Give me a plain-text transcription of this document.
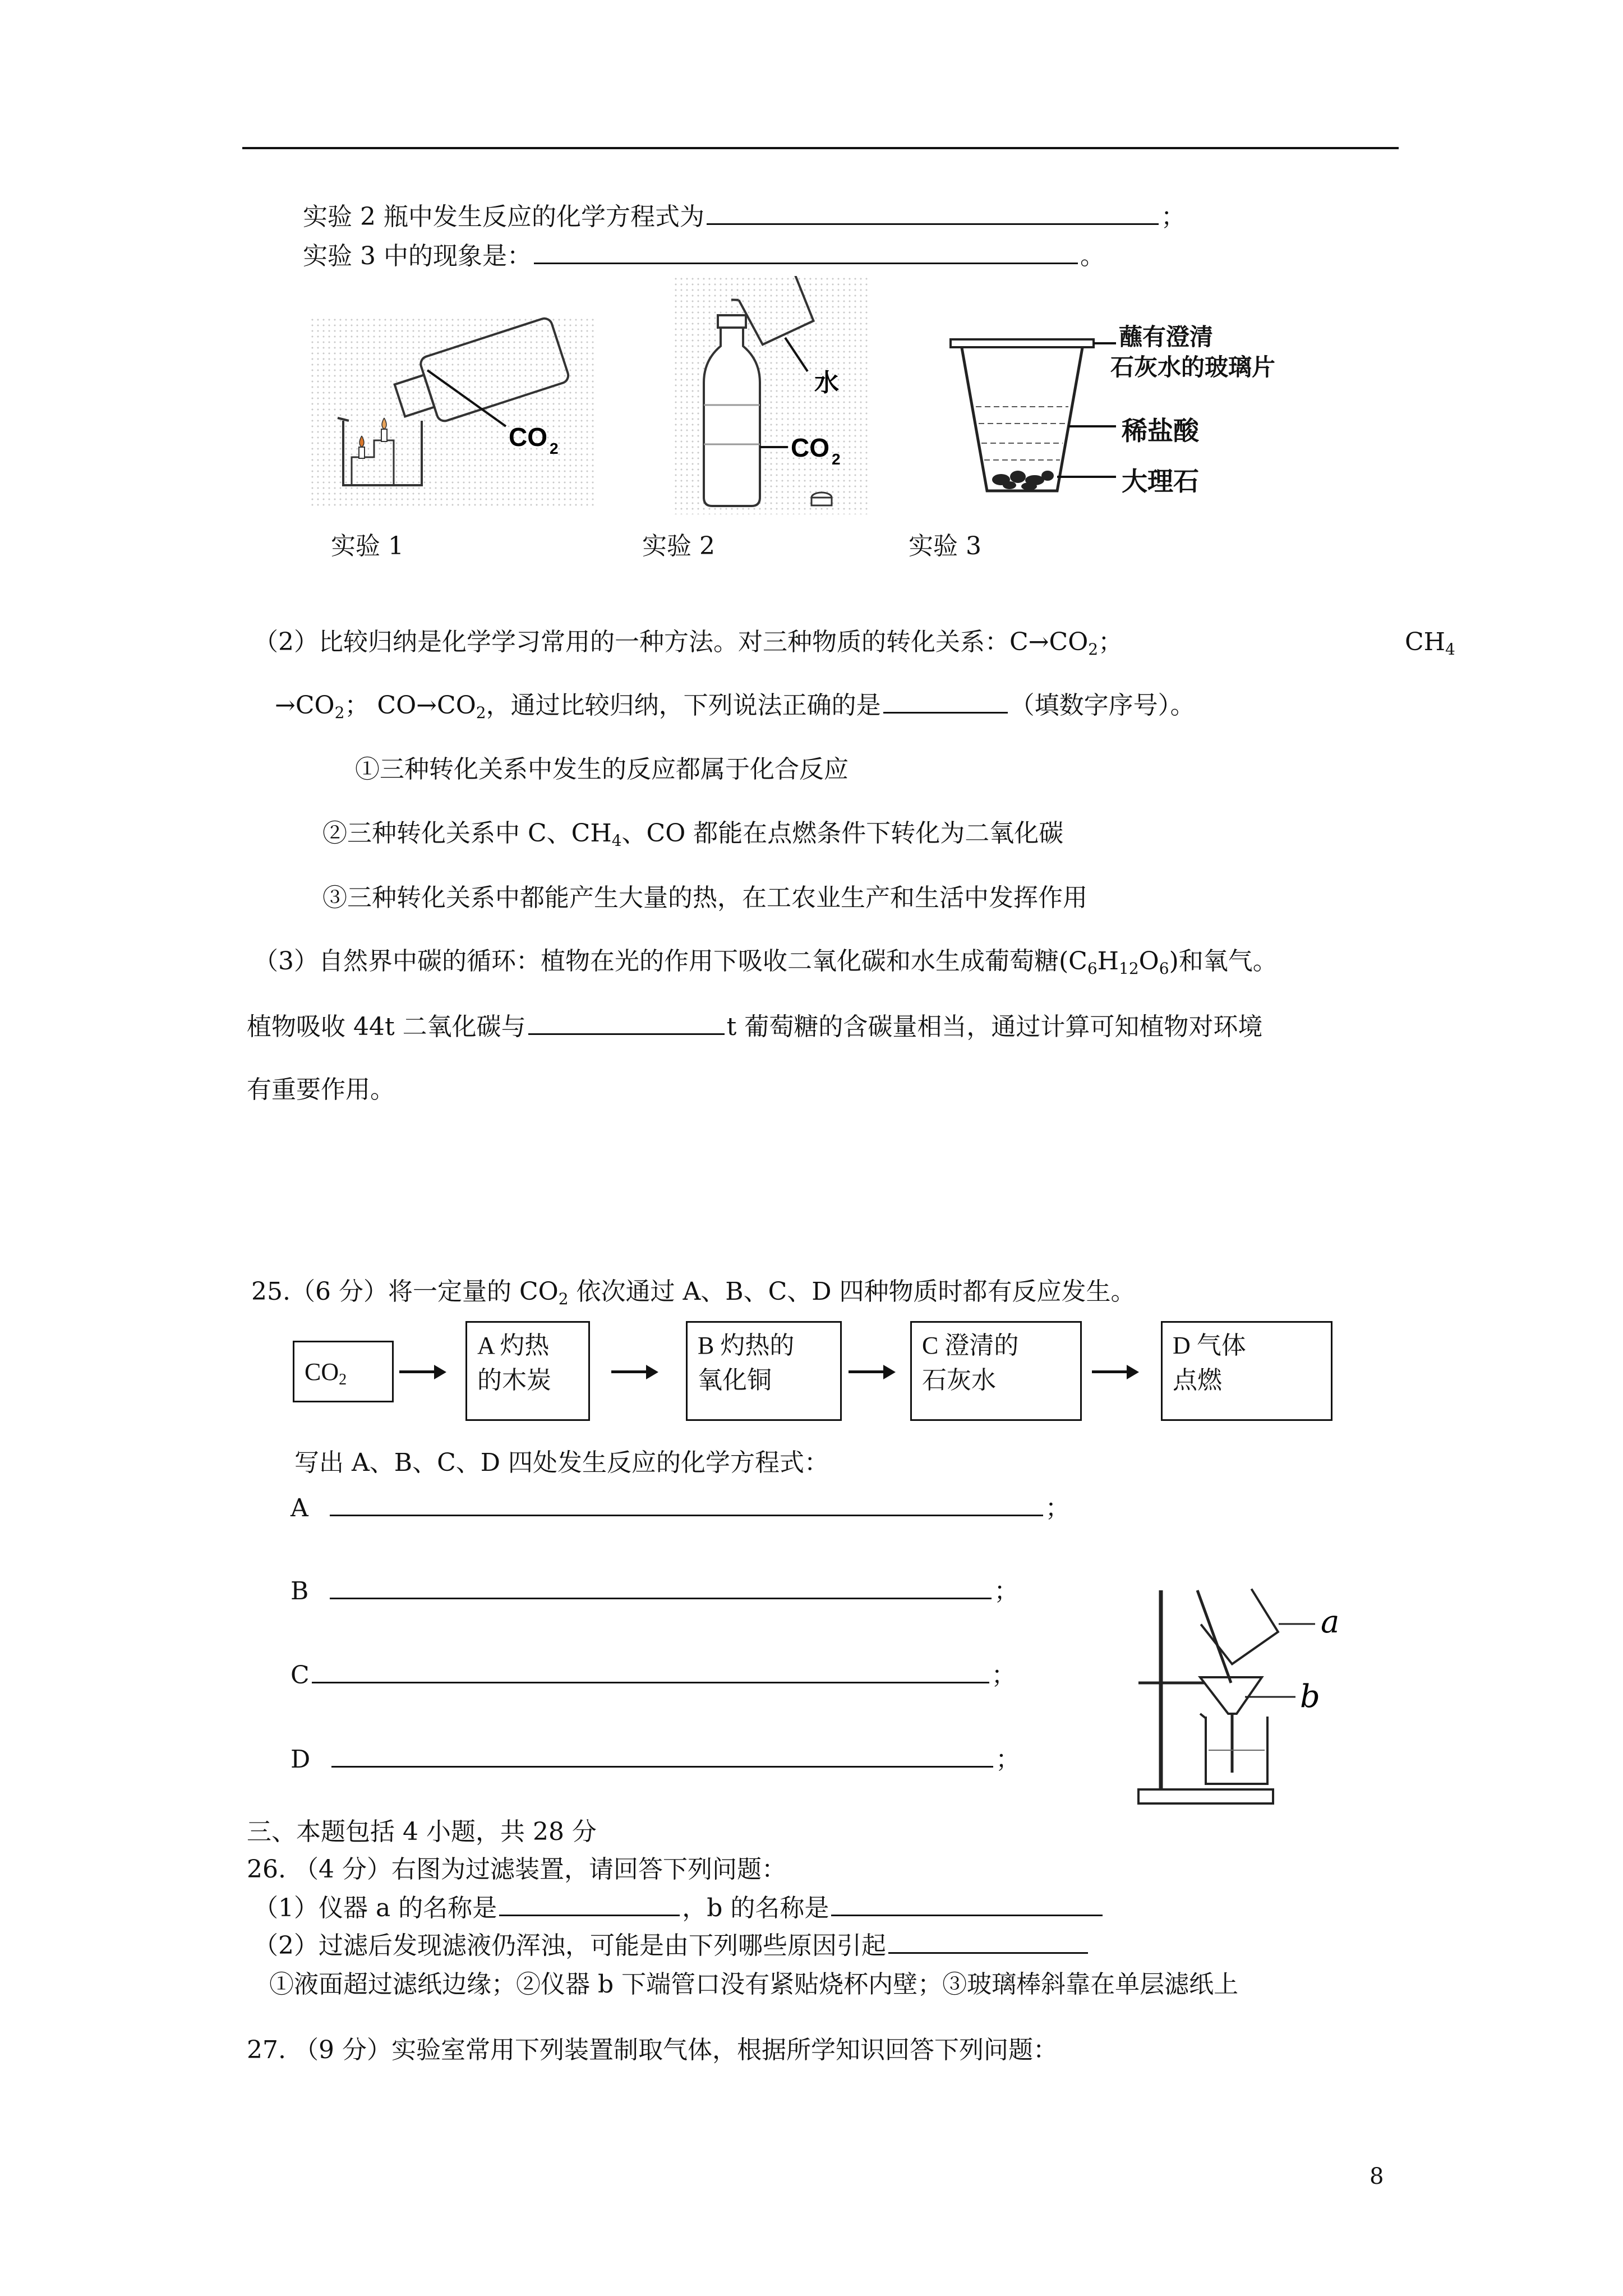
实验 2 瓶中发生反应的化学方程式为	；
实验 3 中的现象是：	。
CO 2
实验 1
水
CO 2
实验 2
蘸有澄清
石灰水的玻璃片
稀盐酸
大理石
实验 3
（2）比较归纳是化学学习常用的一种方法。对三种物质的转化关系：$C\to CO_2$；	$CH_4$
$\to CO_2$； $CO\to CO_2$，通过比较归纳，下列说法正确的是	（填数字序号）。
①三种转化关系中发生的反应都属于化合反应
②三种转化关系中 C、$CH_4$、CO 都能在点燃条件下转化为二氧化碳
③三种转化关系中都能产生大量的热，在工农业生产和生活中发挥作用
（3）自然界中碳的循环：植物在光的作用下吸收二氧化碳和水生成葡萄糖$(C_6H_{12}O_6)$和氧气。
植物吸收 44t 二氧化碳与	t 葡萄糖的含碳量相当，通过计算可知植物对环境
有重要作用。
25.（6 分）将一定量的 $CO_2$ 依次通过 A、B、C、D 四种物质时都有反应发生。
$CO_2$
A 灼热
的木炭
B 灼热的
氧化铜
C 澄清的
石灰水
D 气体
点燃
写出 A、B、C、D 四处发生反应的化学方程式：
A	；
B	；
C	；
D	；
a
b
三、本题包括 4 小题，共 28 分
26. （4 分）右图为过滤装置，请回答下列问题：
（1）仪器 a 的名称是	，b 的名称是
（2）过滤后发现滤液仍浑浊，可能是由下列哪些原因引起
①液面超过滤纸边缘；②仪器 b 下端管口没有紧贴烧杯内壁；③玻璃棒斜靠在单层滤纸上
27. （9 分）实验室常用下列装置制取气体，根据所学知识回答下列问题：
8
